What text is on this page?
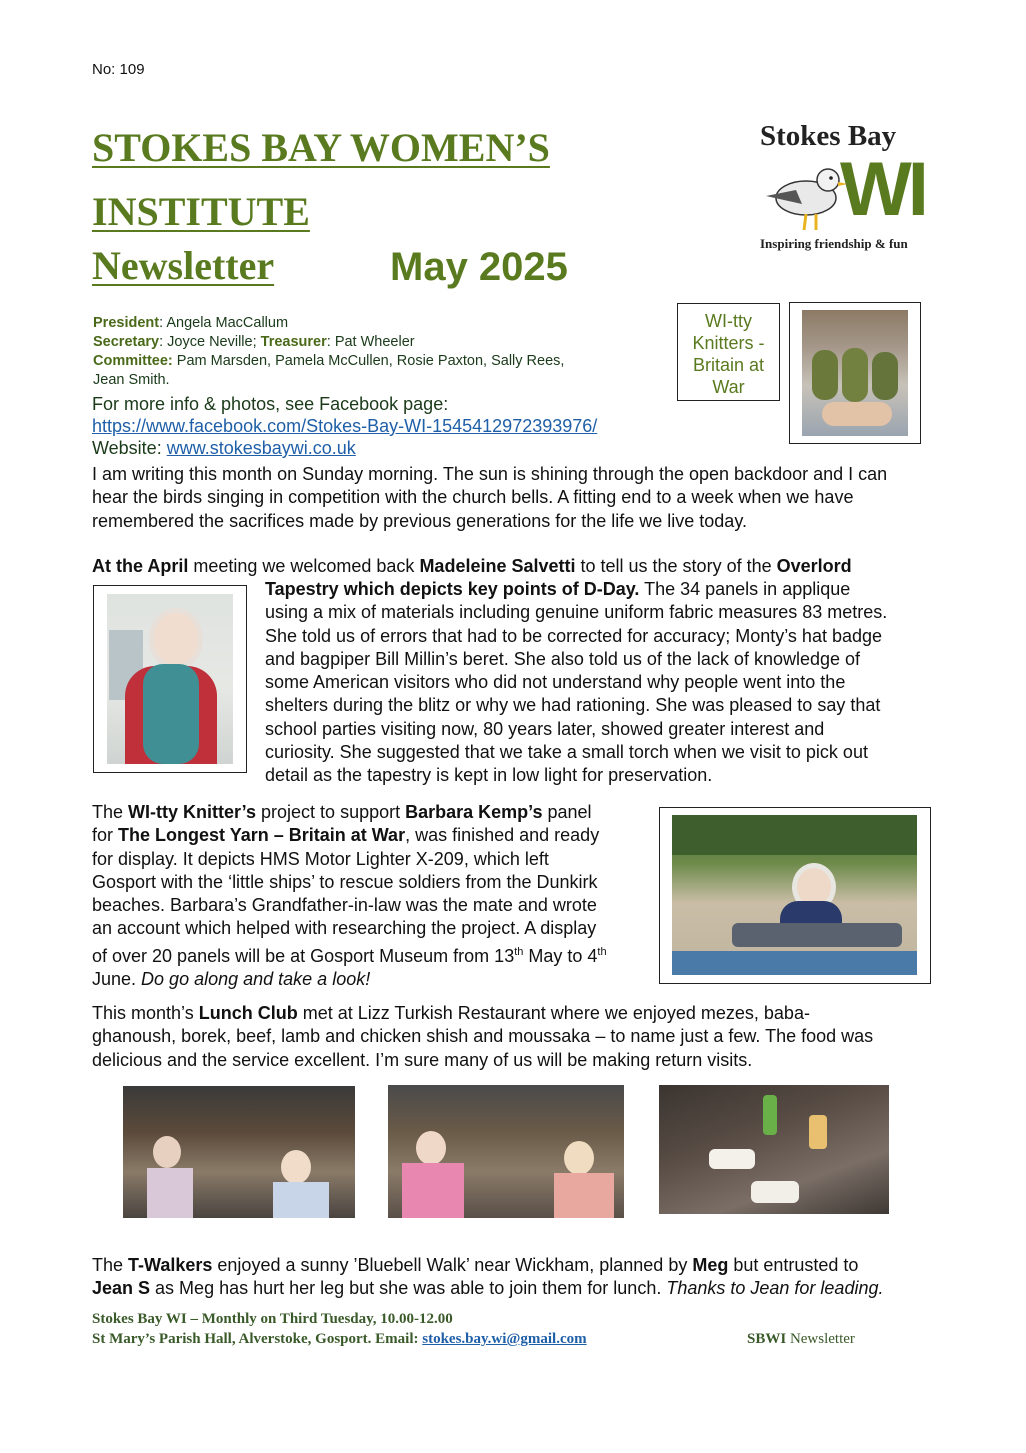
No: 109
STOKES BAY WOMEN’S
INSTITUTE
Newsletter	May 2025
Stokes Bay
WI
Inspiring friendship & fun

President: Angela MacCallum

Secretary: Joyce Neville; Treasurer: Pat Wheeler

Committee: Pam Marsden, Pamela McCullen, Rosie Paxton, Sally Rees,

Jean Smith.

For more info & photos, see Facebook page:

https://www.facebook.com/Stokes-Bay-WI-1545412972393976/

Website: www.stokesbaywi.co.uk

WI-tty
Knitters -
Britain at
War

I am writing this month on Sunday morning. The sun is shining through the open backdoor and I can

hear the birds singing in competition with the church bells. A fitting end to a week when we have

remembered the sacrifices made by previous generations for the life we live today.

At the April meeting we welcomed back Madeleine Salvetti to tell us the story of the Overlord

Tapestry which depicts key points of D-Day. The 34 panels in applique

using a mix of materials including genuine uniform fabric measures 83 metres.

She told us of errors that had to be corrected for accuracy; Monty’s hat badge

and bagpiper Bill Millin’s beret. She also told us of the lack of knowledge of

some American visitors who did not understand why people went into the

shelters during the blitz or why we had rationing. She was pleased to say that

school parties visiting now, 80 years later, showed greater interest and

curiosity. She suggested that we take a small torch when we visit to pick out

detail as the tapestry is kept in low light for preservation.

The WI-tty Knitter’s project to support Barbara Kemp’s panel

for The Longest Yarn – Britain at War, was finished and ready

for display. It depicts HMS Motor Lighter X-209, which left

Gosport with the ‘little ships’ to rescue soldiers from the Dunkirk

beaches. Barbara’s Grandfather-in-law was the mate and wrote

an account which helped with researching the project. A display

of over 20 panels will be at Gosport Museum from 13th May to 4th

June. Do go along and take a look!

This month’s Lunch Club met at Lizz Turkish Restaurant where we enjoyed mezes, baba-

ghanoush, borek, beef, lamb and chicken shish and moussaka – to name just a few. The food was

delicious and the service excellent. I’m sure many of us will be making return visits.

The T-Walkers enjoyed a sunny ’Bluebell Walk’ near Wickham, planned by Meg but entrusted to

Jean S as Meg has hurt her leg but she was able to join them for lunch. Thanks to Jean for leading.

Stokes Bay WI – Monthly on Third Tuesday, 10.00-12.00

St Mary’s Parish Hall, Alverstoke, Gosport. Email: stokes.bay.wi@gmail.com	SBWI Newsletter
